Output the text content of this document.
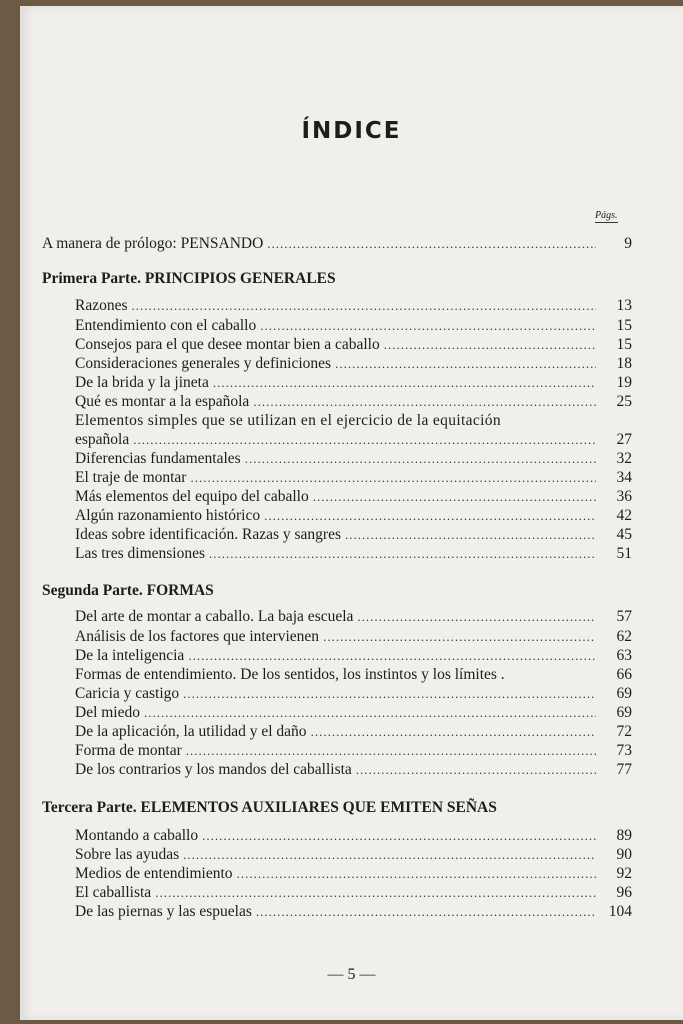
ÍNDICE
Págs.
A manera de prólogo: PENSANDO .....	9
Primera Parte. PRINCIPIOS GENERALES
Razones .....	13
Entendimiento con el caballo .....	15
Consejos para el que desee montar bien a caballo .....	15
Consideraciones generales y definiciones .....	18
De la brida y la jineta .....	19
Qué es montar a la española .....	25
Elementos simples que se utilizan en el ejercicio de la equitación
española .....	27
Diferencias fundamentales .....	32
El traje de montar .....	34
Más elementos del equipo del caballo .....	36
Algún razonamiento histórico .....	42
Ideas sobre identificación. Razas y sangres .....	45
Las tres dimensiones .....	51
Segunda Parte. FORMAS
Del arte de montar a caballo. La baja escuela .....	57
Análisis de los factores que intervienen .....	62
De la inteligencia .....	63
Formas de entendimiento. De los sentidos, los instintos y los límites .	66
Caricia y castigo .....	69
Del miedo .....	69
De la aplicación, la utilidad y el daño .....	72
Forma de montar .....	73
De los contrarios y los mandos del caballista .....	77
Tercera Parte. ELEMENTOS AUXILIARES QUE EMITEN SEÑAS
Montando a caballo .....	89
Sobre las ayudas .....	90
Medios de entendimiento .....	92
El caballista .....	96
De las piernas y las espuelas .....	104
— 5 —
